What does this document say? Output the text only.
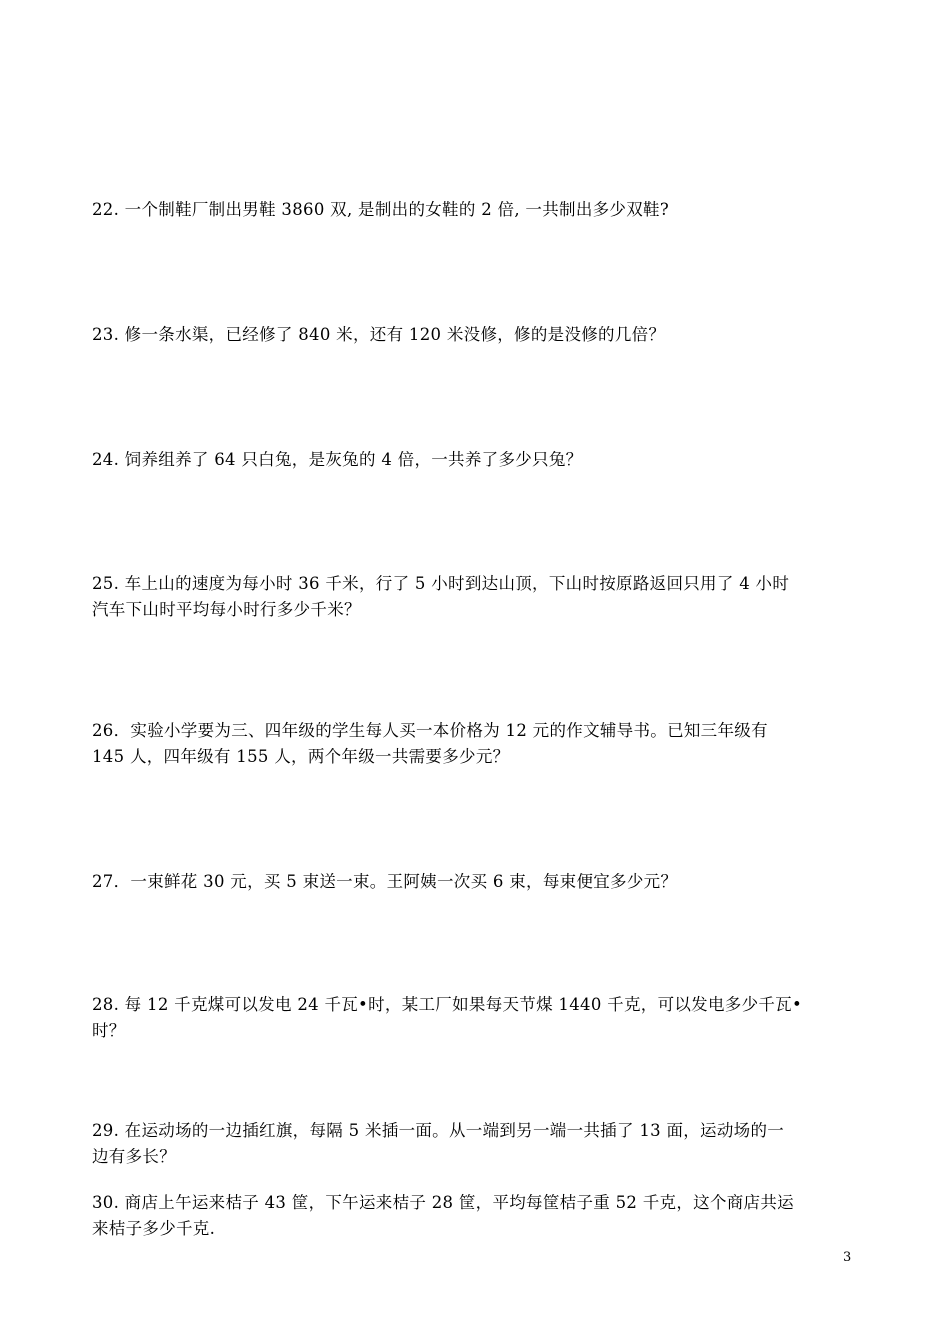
22. 一个制鞋厂制出男鞋 3860 双, 是制出的女鞋的 2 倍, 一共制出多少双鞋?
23. 修一条水渠，已经修了 840 米，还有 120 米没修，修的是没修的几倍？
24. 饲养组养了 64 只白兔，是灰兔的 4 倍，一共养了多少只兔？
25. 车上山的速度为每小时 36 千米，行了 5 小时到达山顶，下山时按原路返回只用了 4 小时
汽车下山时平均每小时行多少千米？
26．实验小学要为三、四年级的学生每人买一本价格为 12 元的作文辅导书。已知三年级有
145 人，四年级有 155 人，两个年级一共需要多少元？
27．一束鲜花 30 元，买 5 束送一束。王阿姨一次买 6 束，每束便宜多少元？
28. 每 12 千克煤可以发电 24 千瓦•时，某工厂如果每天节煤 1440 千克，可以发电多少千瓦•
时？
29. 在运动场的一边插红旗，每隔 5 米插一面。从一端到另一端一共插了 13 面，运动场的一
边有多长？
30. 商店上午运来桔子 43 筐，下午运来桔子 28 筐，平均每筐桔子重 52 千克，这个商店共运
来桔子多少千克.
3
